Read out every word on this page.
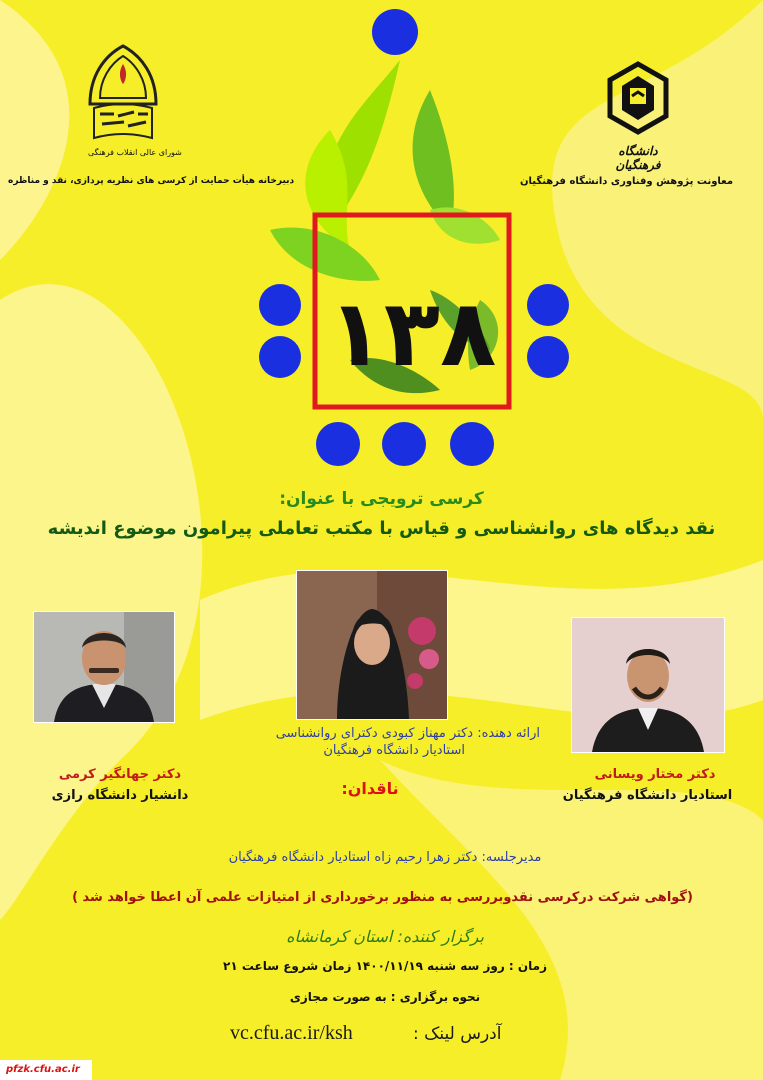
شورای عالی انقلاب فرهنگی
دبیرخانه هیأت حمایت از کرسی های نظریه پردازی، نقد و مناظره
دانشگاه فرهنگیان
معاونت پژوهش وفناوری دانشگاه فرهنگیان
۱۳۸
کرسی ترویجی با عنوان:
نقد دیدگاه های روانشناسی و قیاس با مکتب تعاملی پیرامون موضوع اندیشه
ارائه دهنده: دکتر مهناز کبودی دکترای روانشناسی
استادیار دانشگاه فرهنگیان
ناقدان:
دکتر جهانگیر کرمی
دانشیار دانشگاه رازی
دکتر مختار ویسانی
استادیار دانشگاه فرهنگیان
مدیرجلسه: دکتر زهرا رحیم زاه استادیار دانشگاه فرهنگیان
(گواهی شرکت درکرسی نقدوبررسی به منظور برخورداری از امتیازات علمی آن اعطا خواهد شد )
برگزار کننده: استان کرمانشاه
زمان : روز سه شنبه ۱۴۰۰/۱۱/۱۹ زمان شروع ساعت ۲۱
نحوه برگزاری : به صورت مجازی
vc.cfu.ac.ir/ksh	آدرس لینک :
pfzk.cfu.ac.ir
